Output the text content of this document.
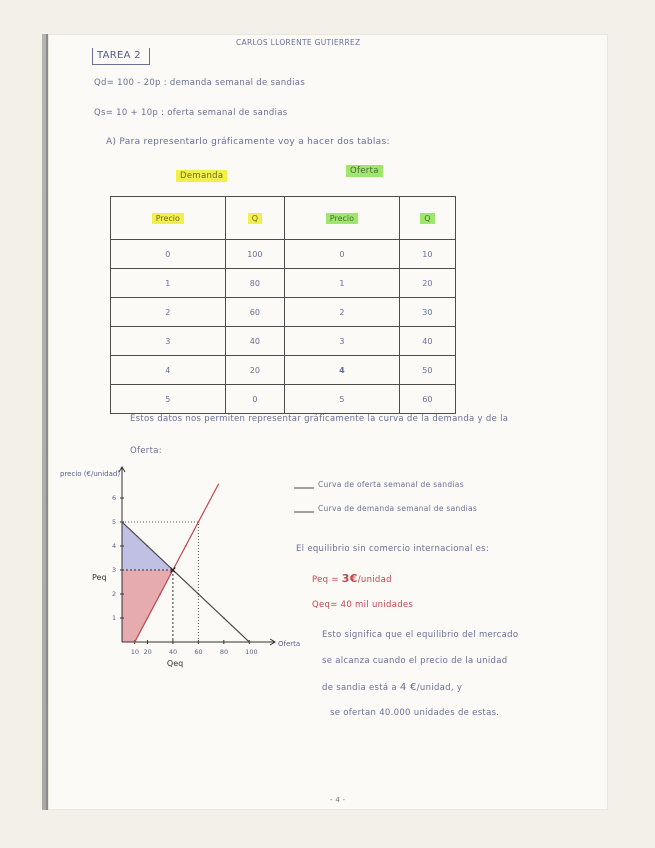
CARLOS LLORENTE GUTIERREZ
TAREA 2
Qd= 100 - 20p : demanda semanal de sandias
Qs= 10 + 10p : oferta semanal de sandias
A) Para representarlo gráficamente voy a hacer dos tablas:
Demanda	Oferta
Precio	Q	Precio	Q
0	100	0	10
1	80	1	20
2	60	2	30
3	40	3	40
4	20	4	50
5	0	5	60
Estos datos nos permiten representar gráficamente la curva de la demanda y de la
Oferta:
1
2
3
4
5
6
10 20	40	60	80	100
precio (€/unidad)
Oferta
Peq
Qeq
Curva de oferta semanal de sandias
Curva de demanda semanal de sandias
El equilibrio sin comercio internacional es:
Peq = 3€/unidad
Qeq= 40 mil unidades
Esto significa que el equilibrio del mercado
se alcanza cuando el precio de la unidad
de sandia está a 4 €/unidad, y
se ofertan 40.000 unidades de estas.
- 4 -
